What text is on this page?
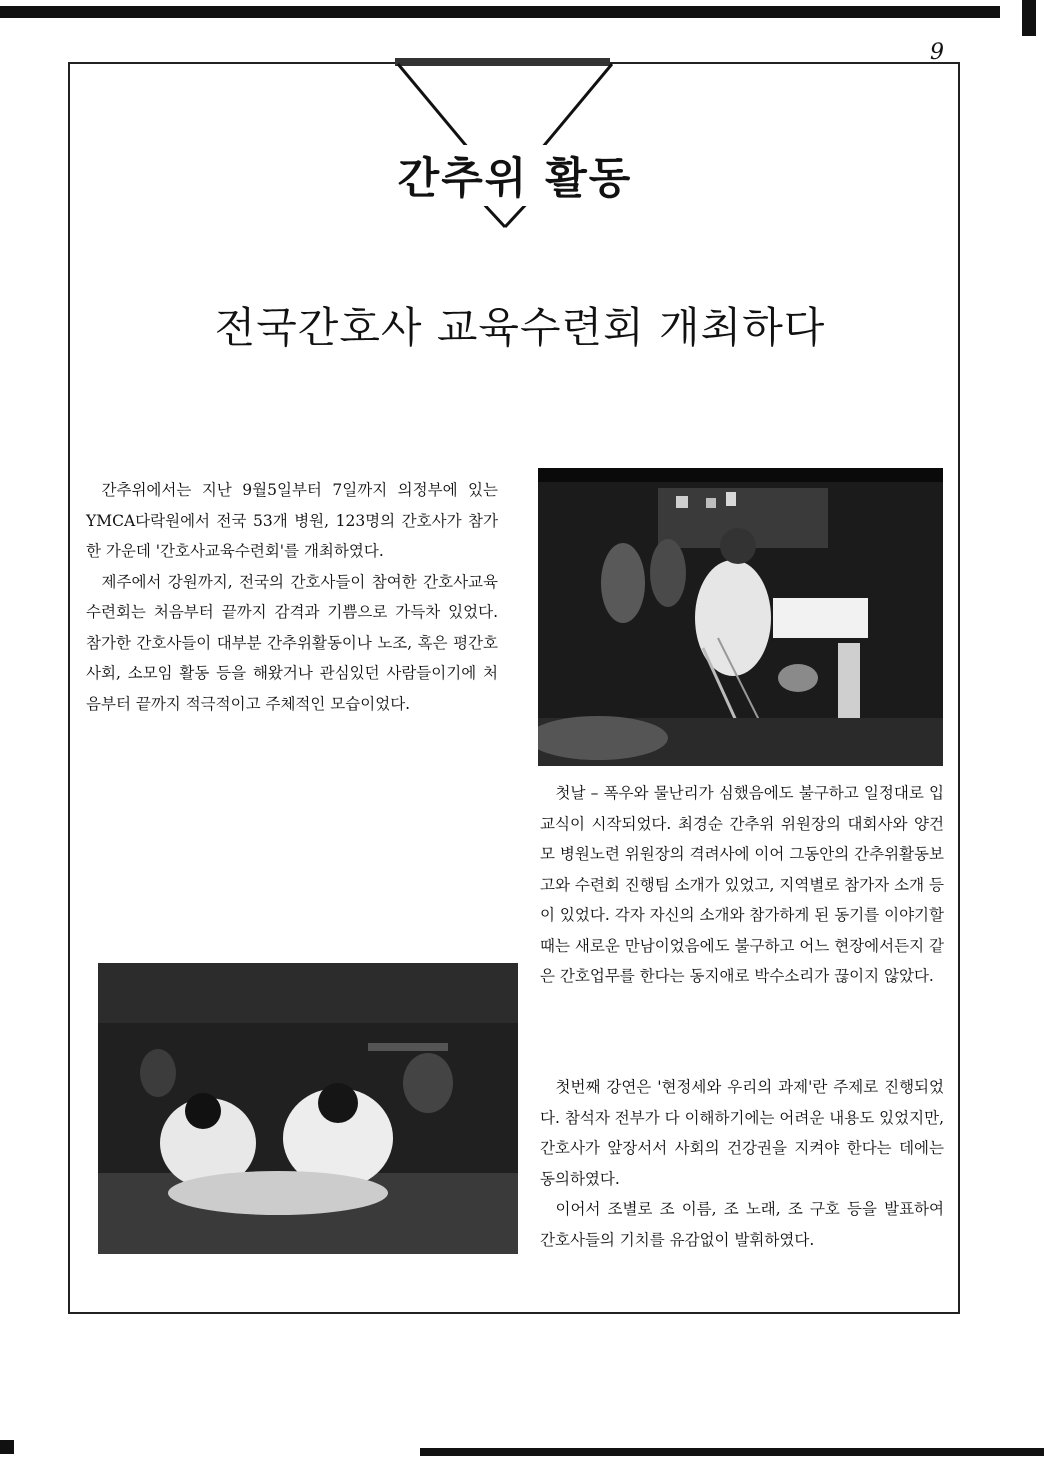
9
간추위 활동
전국간호사 교육수련회 개최하다

간추위에서는 지난 9월5일부터 7일까지 의정부에 있는 YMCA다락원에서 전국 53개 병원, 123명의 간호사가 참가한 가운데 '간호사교육수련회'를 개최하였다.

제주에서 강원까지, 전국의 간호사들이 참여한 간호사교육수련회는 처음부터 끝까지 감격과 기쁨으로 가득차 있었다. 참가한 간호사들이 대부분 간추위활동이나 노조, 혹은 평간호사회, 소모임 활동 등을 해왔거나 관심있던 사람들이기에 처음부터 끝까지 적극적이고 주체적인 모습이었다.

첫날 – 폭우와 물난리가 심했음에도 불구하고 일정대로 입교식이 시작되었다. 최경순 간추위 위원장의 대회사와 양건모 병원노련 위원장의 격려사에 이어 그동안의 간추위활동보고와 수련회 진행팀 소개가 있었고, 지역별로 참가자 소개 등이 있었다. 각자 자신의 소개와 참가하게 된 동기를 이야기할 때는 새로운 만남이었음에도 불구하고 어느 현장에서든지 같은 간호업무를 한다는 동지애로 박수소리가 끊이지 않았다.

첫번째 강연은 '현정세와 우리의 과제'란 주제로 진행되었다. 참석자 전부가 다 이해하기에는 어려운 내용도 있었지만, 간호사가 앞장서서 사회의 건강권을 지켜야 한다는 데에는 동의하였다.

이어서 조별로 조 이름, 조 노래, 조 구호 등을 발표하여 간호사들의 기치를 유감없이 발휘하였다.
